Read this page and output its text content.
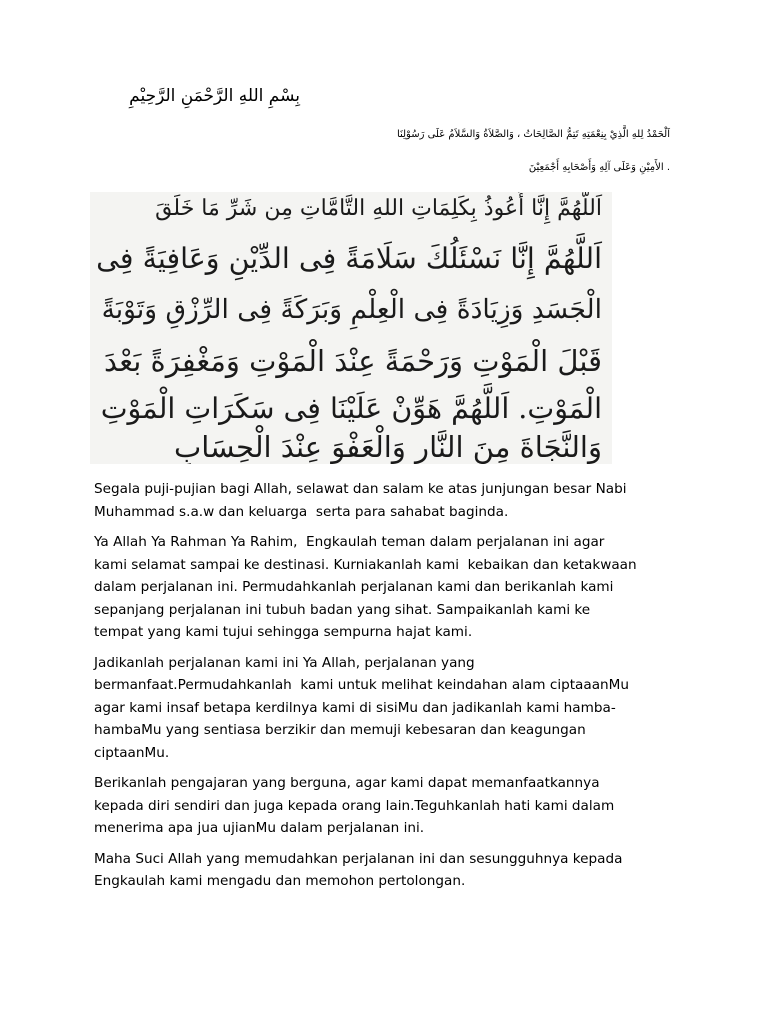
بِسْمِ اللهِ الرَّحْمَنِ الرَّحِيْمِ
اَلْحَمْدُ لِلهِ الَّذِيْ بِنِعْمَتِهِ تَتِمُّ الصَّالِحَاتُ ، وَالصَّلاَةُ وَالسَّلاَمُ عَلَى رَسُوْلِنَا
. الأَمِيْنِ وَعَلَى آلِهِ وَأَصْحَابِهِ أَجْمَعِيْنَ
اَللَّهُمَّ إِنَّا أَعُوذُ بِكَلِمَاتِ اللهِ التَّامَّاتِ مِن شَرِّ مَا خَلَقَ
اَللَّهُمَّ إِنَّا نَسْئَلُكَ سَلَامَةً فِى الدِّيْنِ وَعَافِيَةً فِى
الْجَسَدِ وَزِيَادَةً فِى الْعِلْمِ وَبَرَكَةً فِى الرِّزْقِ وَتَوْبَةً
قَبْلَ الْمَوْتِ وَرَحْمَةً عِنْدَ الْمَوْتِ وَمَغْفِرَةً بَعْدَ
الْمَوْتِ. اَللَّهُمَّ هَوِّنْ عَلَيْنَا فِى سَكَرَاتِ الْمَوْتِ
وَالنَّجَاةَ مِنَ النَّارِ وَالْعَفْوَ عِنْدَ الْحِسَابِ

Segala puji-pujian bagi Allah, selawat dan salam ke atas junjungan besar Nabi
Muhammad s.a.w dan keluarga  serta para sahabat baginda.

Ya Allah Ya Rahman Ya Rahim,  Engkaulah teman dalam perjalanan ini agar
kami selamat sampai ke destinasi. Kurniakanlah kami  kebaikan dan ketakwaan
dalam perjalanan ini. Permudahkanlah perjalanan kami dan berikanlah kami
sepanjang perjalanan ini tubuh badan yang sihat. Sampaikanlah kami ke
tempat yang kami tujui sehingga sempurna hajat kami.

Jadikanlah perjalanan kami ini Ya Allah, perjalanan yang
bermanfaat.Permudahkanlah  kami untuk melihat keindahan alam ciptaaanMu
agar kami insaf betapa kerdilnya kami di sisiMu dan jadikanlah kami hamba-
hambaMu yang sentiasa berzikir dan memuji kebesaran dan keagungan
ciptaanMu.

Berikanlah pengajaran yang berguna, agar kami dapat memanfaatkannya
kepada diri sendiri dan juga kepada orang lain.Teguhkanlah hati kami dalam
menerima apa jua ujianMu dalam perjalanan ini.

Maha Suci Allah yang memudahkan perjalanan ini dan sesungguhnya kepada
Engkaulah kami mengadu dan memohon pertolongan.
